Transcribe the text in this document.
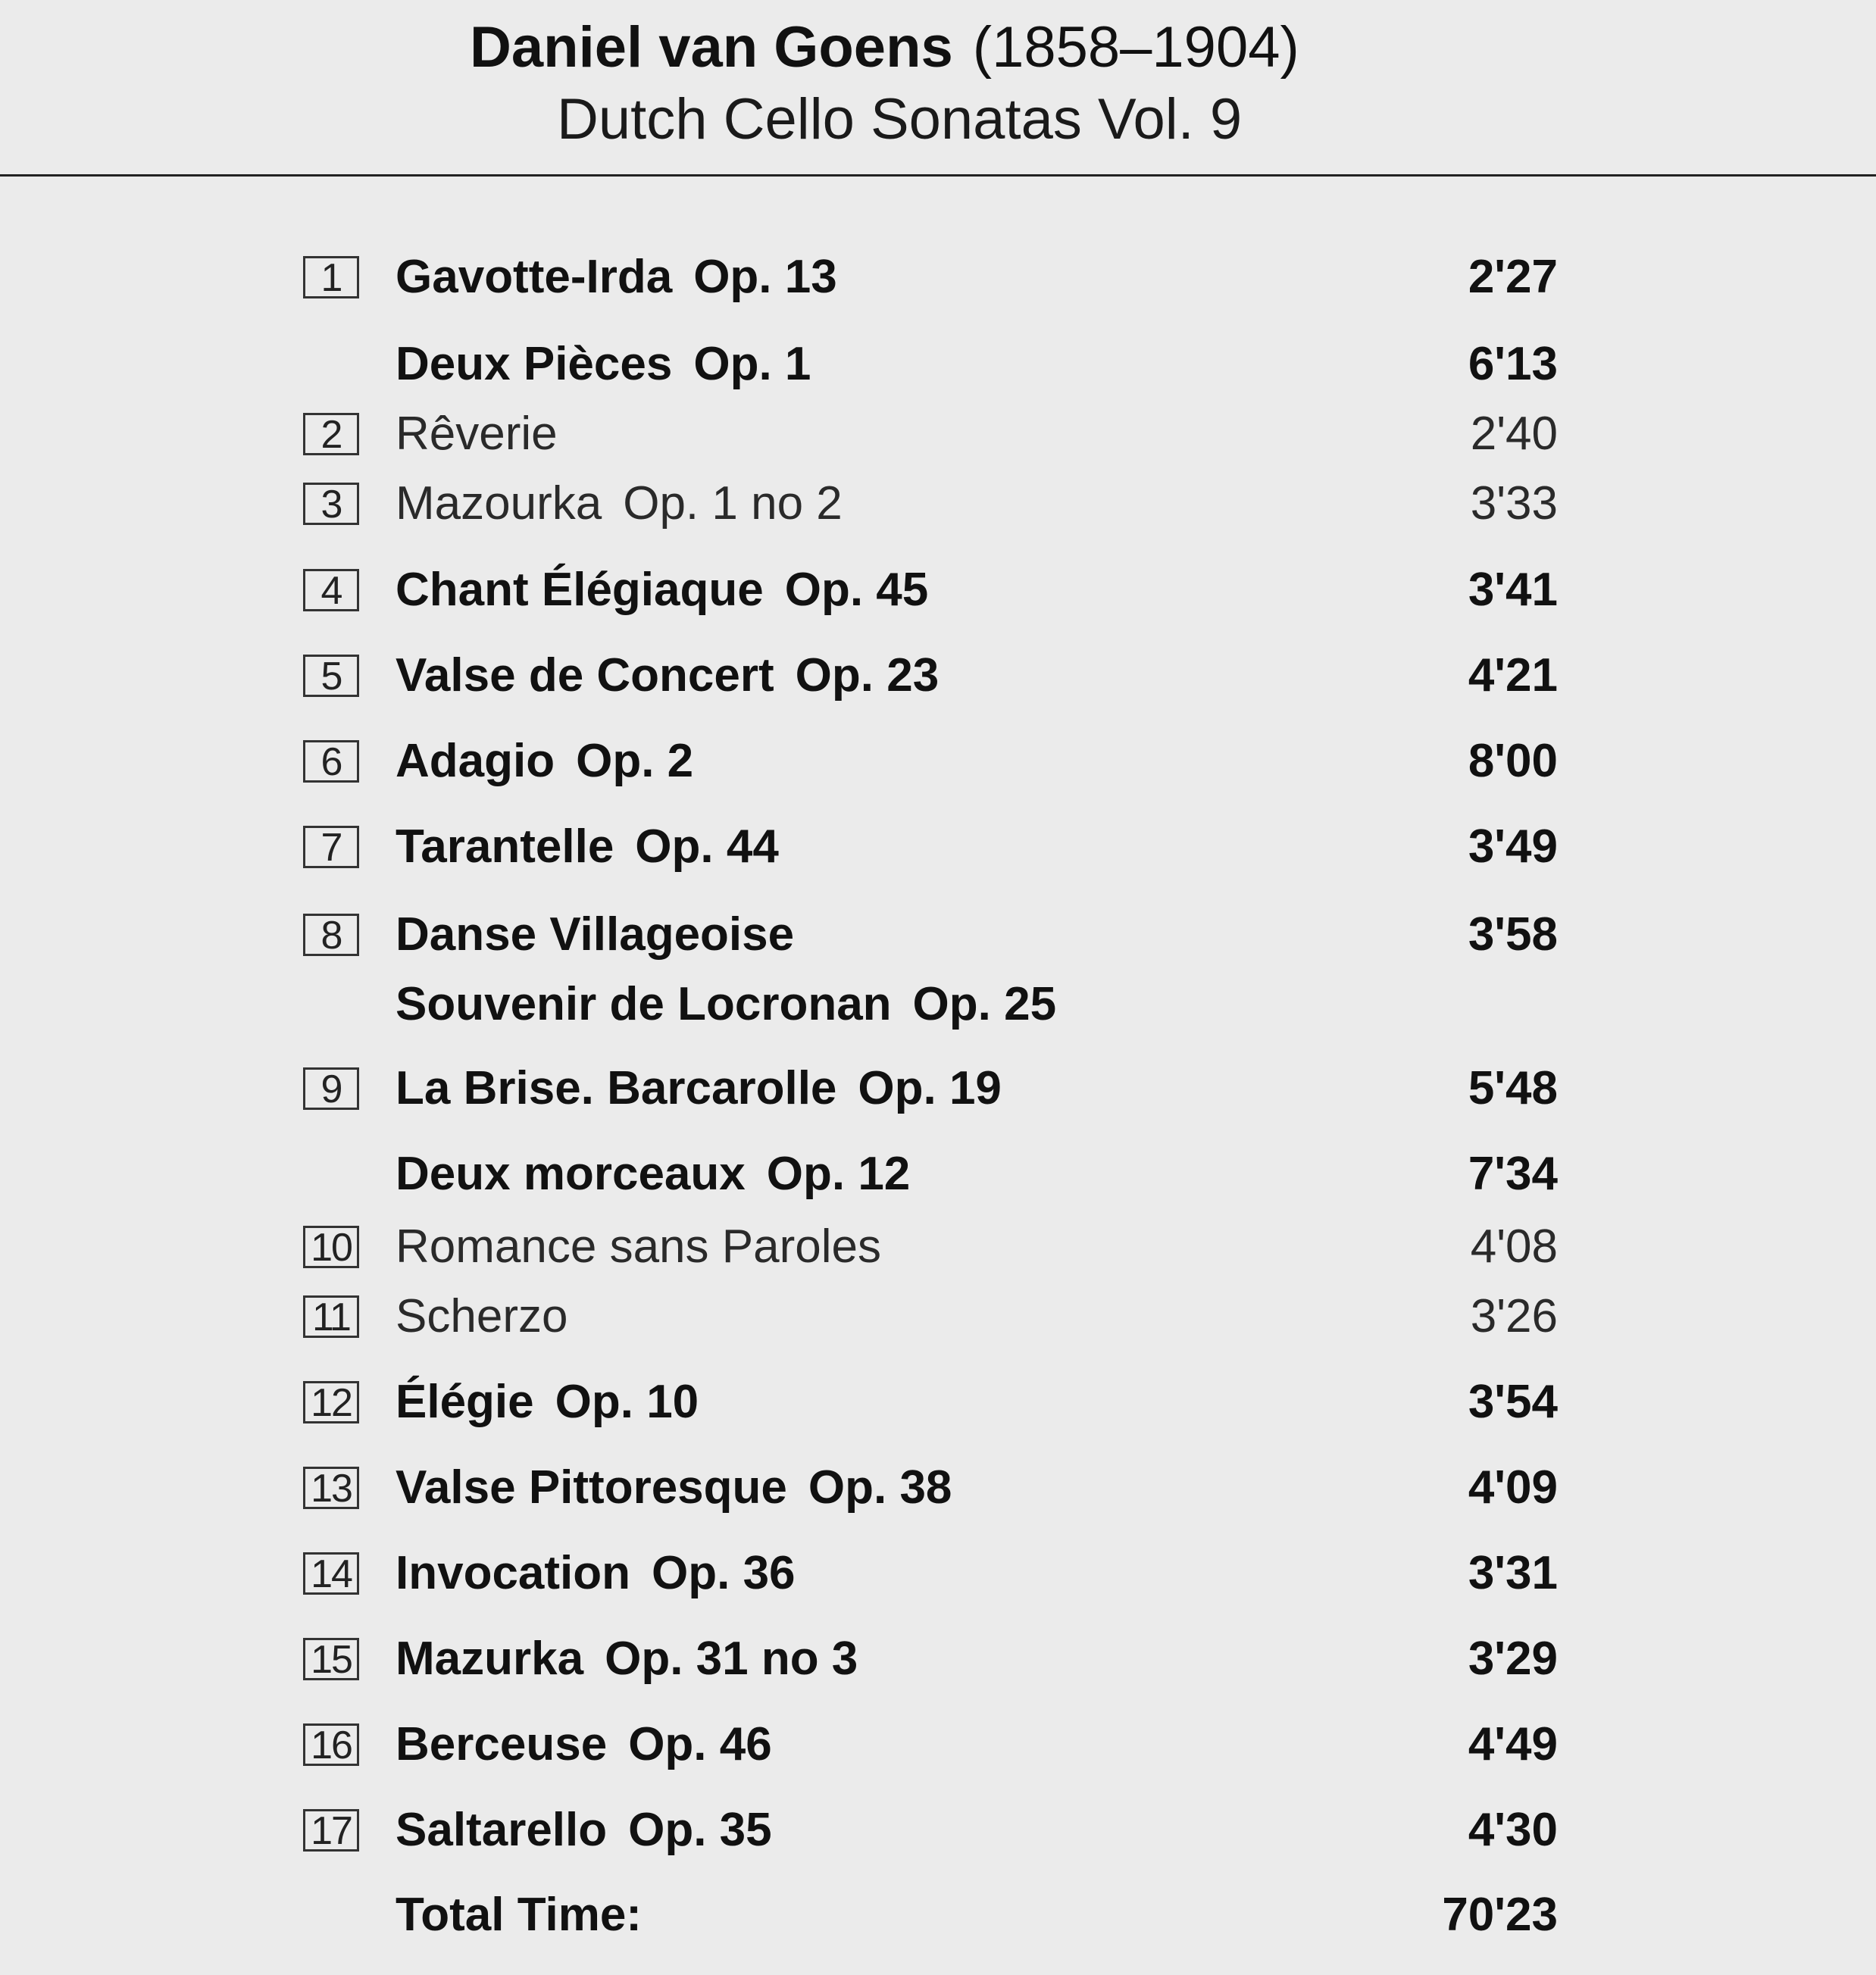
Daniel van Goens (1858–1904)
Dutch Cello Sonatas Vol. 9
1	Gavotte-Irda Op. 13	2'27
Deux Pièces Op. 1	6'13
2	Rêverie	2'40
3	Mazourka Op. 1 no 2	3'33
4	Chant Élégiaque Op. 45	3'41
5	Valse de Concert Op. 23	4'21
6	Adagio Op. 2	8'00
7	Tarantelle Op. 44	3'49
8	Danse Villageoise	3'58
Souvenir de Locronan Op. 25
9	La Brise. Barcarolle Op. 19	5'48
Deux morceaux Op. 12	7'34
10 Romance sans Paroles	4'08
11 Scherzo	3'26
12 Élégie Op. 10	3'54
13 Valse Pittoresque Op. 38	4'09
14 Invocation Op. 36	3'31
15 Mazurka Op. 31 no 3	3'29
16 Berceuse Op. 46	4'49
17 Saltarello Op. 35	4'30
Total Time:	70'23
